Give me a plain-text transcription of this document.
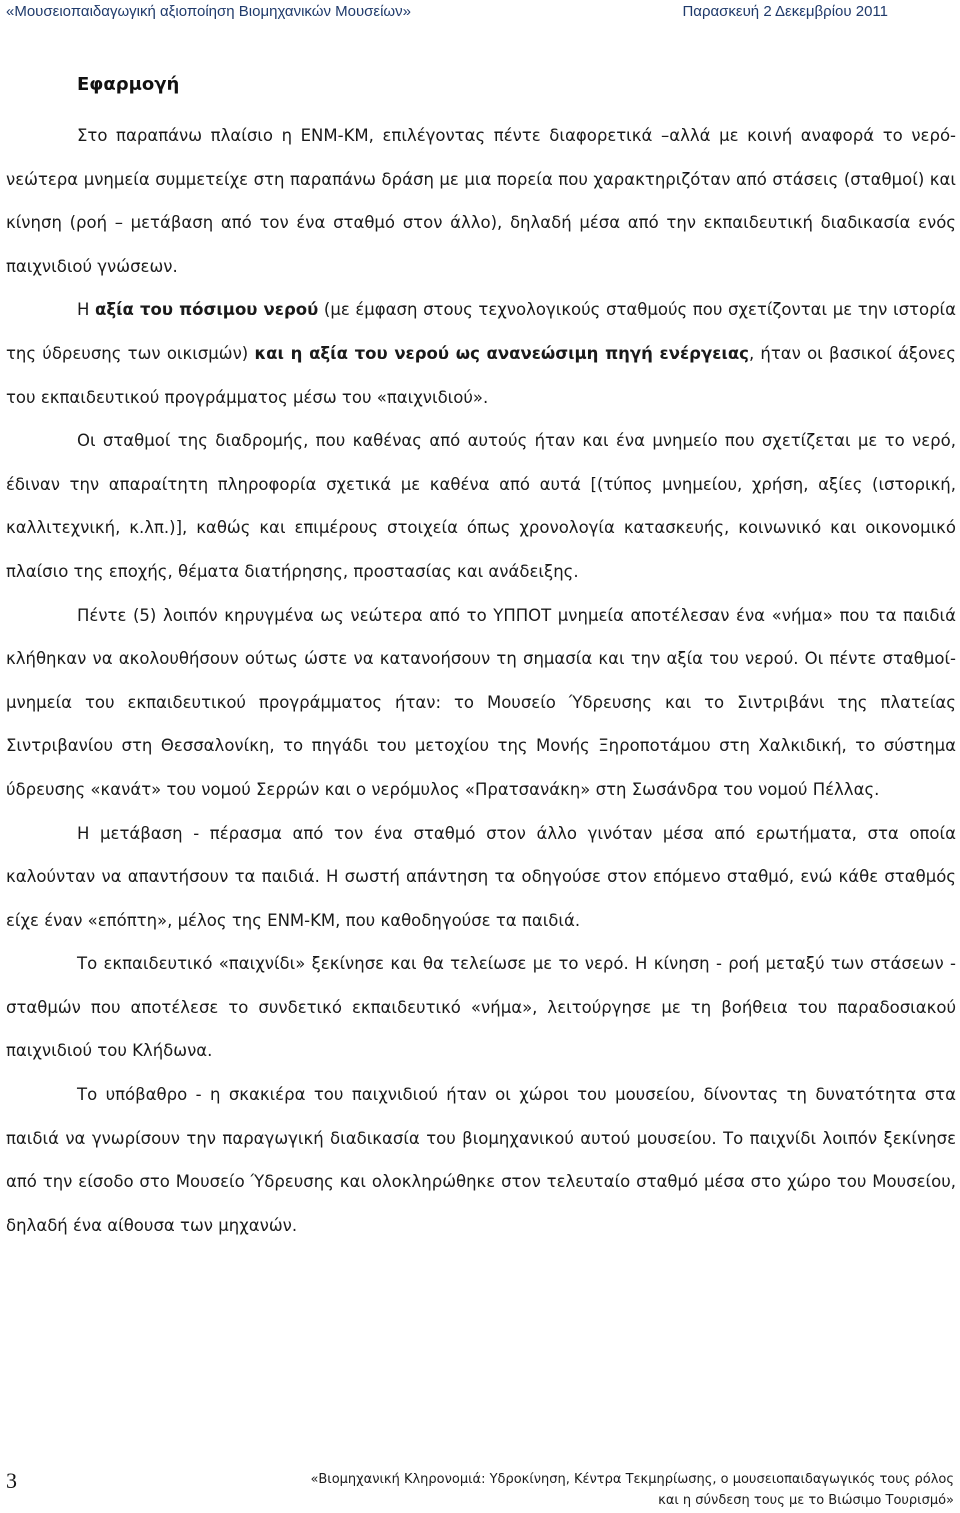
«Μουσειοπαιδαγωγική αξιοποίηση Βιομηχανικών Μουσείων»	Παρασκευή 2 Δεκεμβρίου 2011
Εφαρμογή

Στο παραπάνω πλαίσιο η ΕΝΜ-ΚΜ, επιλέγοντας πέντε διαφορετικά –αλλά με κοινή αναφορά το νερό- νεώτερα μνημεία συμμετείχε στη παραπάνω δράση με μια πορεία που χαρακτηριζόταν από στάσεις (σταθμοί) και κίνηση (ροή – μετάβαση από τον ένα σταθμό στον άλλο), δηλαδή μέσα από την εκπαιδευτική διαδικασία ενός παιχνιδιού γνώσεων.

Η αξία του πόσιμου νερού (με έμφαση στους τεχνολογικούς σταθμούς που σχετίζονται με την ιστορία της ύδρευσης των οικισμών) και η αξία του νερού ως ανανεώσιμη πηγή ενέργειας, ήταν οι βασικοί άξονες του εκπαιδευτικού προγράμματος μέσω του «παιχνιδιού».

Οι σταθμοί της διαδρομής, που καθένας από αυτούς ήταν και ένα μνημείο που σχετίζεται με το νερό, έδιναν την απαραίτητη πληροφορία σχετικά με καθένα από αυτά [(τύπος μνημείου, χρήση, αξίες (ιστορική, καλλιτεχνική, κ.λπ.)], καθώς και επιμέρους στοιχεία όπως χρονολογία κατασκευής, κοινωνικό και οικονομικό πλαίσιο της εποχής, θέματα διατήρησης, προστασίας και ανάδειξης.

Πέντε (5) λοιπόν κηρυγμένα ως νεώτερα από το ΥΠΠΟΤ μνημεία αποτέλεσαν ένα «νήμα» που τα παιδιά κλήθηκαν να ακολουθήσουν ούτως ώστε να κατανοήσουν τη σημασία και την αξία του νερού. Οι πέντε σταθμοί-μνημεία του εκπαιδευτικού προγράμματος ήταν: το Μουσείο Ύδρευσης και το Σιντριβάνι της πλατείας Σιντριβανίου στη Θεσσαλονίκη, το πηγάδι του μετοχίου της Μονής Ξηροποτάμου στη Χαλκιδική, το σύστημα ύδρευσης «κανάτ» του νομού Σερρών και ο νερόμυλος «Πρατσανάκη» στη Σωσάνδρα του νομού Πέλλας.

Η μετάβαση - πέρασμα από τον ένα σταθμό στον άλλο γινόταν μέσα από ερωτήματα, στα οποία καλούνταν να απαντήσουν τα παιδιά. Η σωστή απάντηση τα οδηγούσε στον επόμενο σταθμό, ενώ κάθε σταθμός είχε έναν «επόπτη», μέλος της ΕΝΜ-ΚΜ, που καθοδηγούσε τα παιδιά.

Το εκπαιδευτικό «παιχνίδι» ξεκίνησε και θα τελείωσε με το νερό. Η κίνηση - ροή μεταξύ των στάσεων - σταθμών που αποτέλεσε το συνδετικό εκπαιδευτικό «νήμα», λειτούργησε με τη βοήθεια του παραδοσιακού παιχνιδιού του Κλήδωνα.

Το υπόβαθρο - η σκακιέρα του παιχνιδιού ήταν οι χώροι του μουσείου, δίνοντας τη δυνατότητα στα παιδιά να γνωρίσουν την παραγωγική διαδικασία του βιομηχανικού αυτού μουσείου. Το παιχνίδι λοιπόν ξεκίνησε από την είσοδο στο Μουσείο Ύδρευσης και ολοκληρώθηκε στον τελευταίο σταθμό μέσα στο χώρο του Μουσείου, δηλαδή ένα αίθουσα των μηχανών.

3	«Βιομηχανική Κληρονομιά: Υδροκίνηση, Κέντρα Τεκμηρίωσης, ο μουσειοπαιδαγωγικός τους ρόλος
και η σύνδεση τους με το Βιώσιμο Τουρισμό»
